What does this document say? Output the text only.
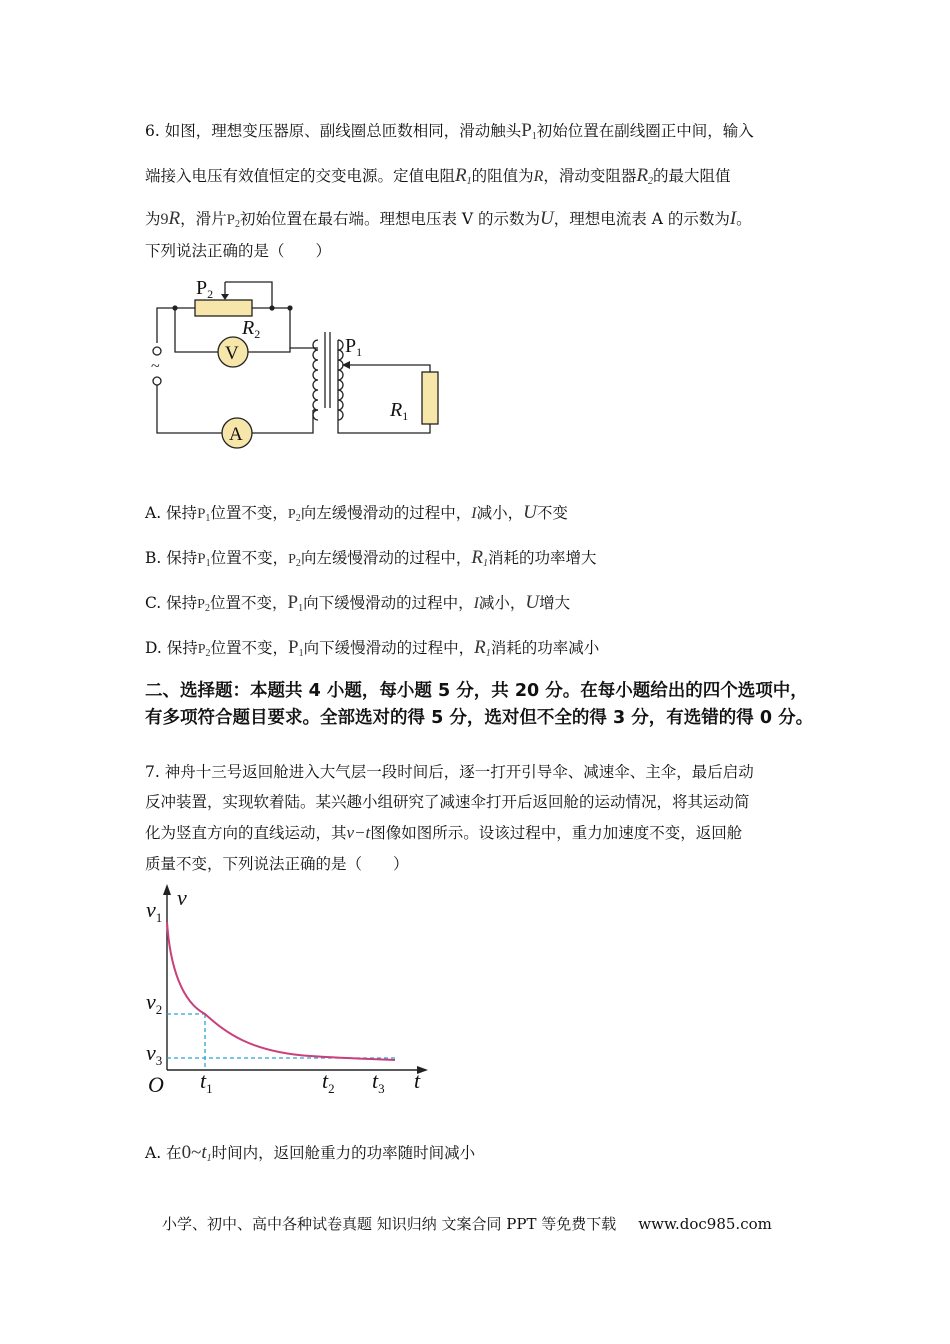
6. 如图，理想变压器原、副线圈总匝数相同，滑动触头$P_1$初始位置在副线圈正中间，输入
端接入电压有效值恒定的交变电源。定值电阻$R_1$的阻值为R，滑动变阻器$R_2$的最大阻值
为9R，滑片$P_2$初始位置在最右端。理想电压表 V 的示数为U，理想电流表 A 的示数为I。
下列说法正确的是（　　）
~
$P_2$
$R_2$
V
A
$P_1$
$R_1$
A. 保持$P_1$位置不变，$P_2$向左缓慢滑动的过程中，I减小，U不变
B. 保持$P_1$位置不变，$P_2$向左缓慢滑动的过程中，$R_1$消耗的功率增大
C. 保持$P_2$位置不变，$P_1$向下缓慢滑动的过程中，I减小，U增大
D. 保持$P_2$位置不变，$P_1$向下缓慢滑动的过程中，$R_1$消耗的功率减小
二、选择题：本题共 4 小题，每小题 5 分，共 20 分。在每小题给出的四个选项中，有多项符合题目要求。全部选对的得 5 分，选对但不全的得 3 分，有选错的得 0 分。
7. 神舟十三号返回舱进入大气层一段时间后，逐一打开引导伞、减速伞、主伞，最后启动
反冲装置，实现软着陆。某兴趣小组研究了减速伞打开后返回舱的运动情况，将其运动简
化为竖直方向的直线运动，其v−t图像如图所示。设该过程中，重力加速度不变，返回舱
质量不变，下列说法正确的是（　　）
v
$v_1$
$v_2$
$v_3$
O $t_1$	$t_2$ $t_3$ t
A. 在$0\sim t_1$时间内，返回舱重力的功率随时间减小
小学、初中、高中各种试卷真题 知识归纳 文案合同 PPT 等免费下载 www.doc985.com
